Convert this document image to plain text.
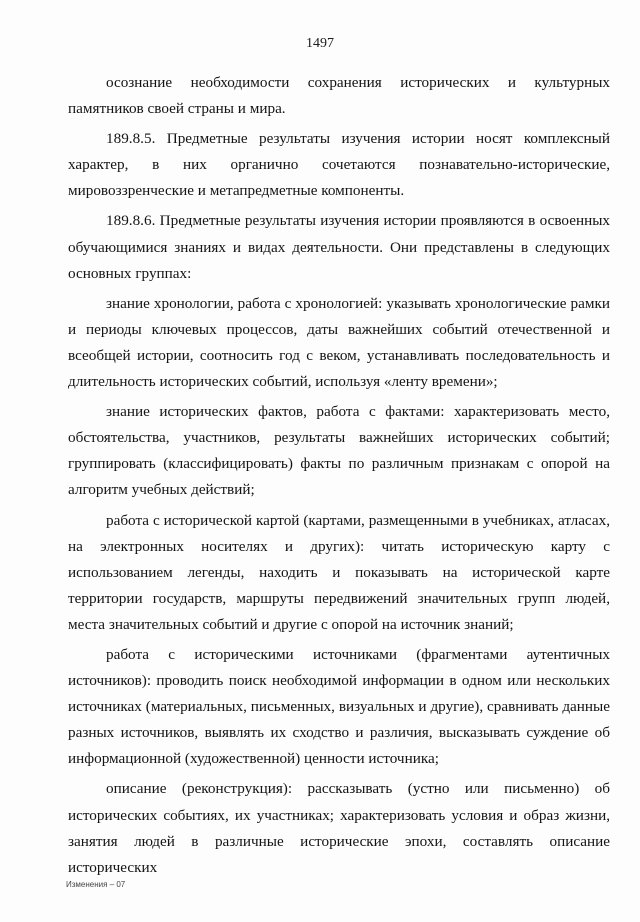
1497

осознание необходимости сохранения исторических и культурных памятников своей страны и мира.

189.8.5. Предметные результаты изучения истории носят комплексный характер, в них органично сочетаются познавательно-исторические, мировоззренческие и метапредметные компоненты.

189.8.6. Предметные результаты изучения истории проявляются в освоенных обучающимися знаниях и видах деятельности. Они представлены в следующих основных группах:

знание хронологии, работа с хронологией: указывать хронологические рамки и периоды ключевых процессов, даты важнейших событий отечественной и всеобщей истории, соотносить год с веком, устанавливать последовательность и длительность исторических событий, используя «ленту времени»;

знание исторических фактов, работа с фактами: характеризовать место, обстоятельства, участников, результаты важнейших исторических событий; группировать (классифицировать) факты по различным признакам с опорой на алгоритм учебных действий;

работа с исторической картой (картами, размещенными в учебниках, атласах, на электронных носителях и других): читать историческую карту с использованием легенды, находить и показывать на исторической карте территории государств, маршруты передвижений значительных групп людей, места значительных событий и другие с опорой на источник знаний;

работа с историческими источниками (фрагментами аутентичных источников): проводить поиск необходимой информации в одном или нескольких источниках (материальных, письменных, визуальных и другие), сравнивать данные разных источников, выявлять их сходство и различия, высказывать суждение об информационной (художественной) ценности источника;

описание (реконструкция): рассказывать (устно или письменно) об исторических событиях, их участниках; характеризовать условия и образ жизни, занятия людей в различные исторические эпохи, составлять описание исторических

Изменения – 07
